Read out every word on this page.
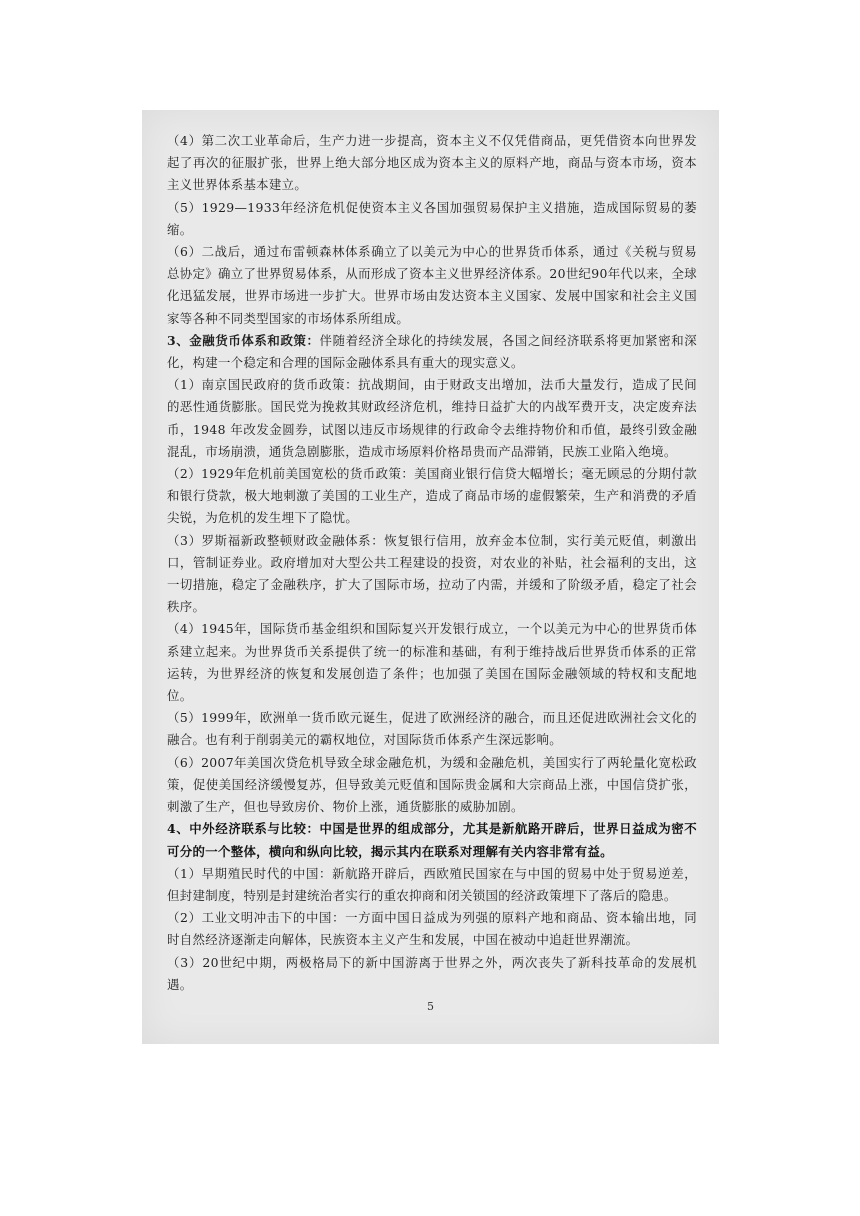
（4）第二次工业革命后，生产力进一步提高，资本主义不仅凭借商品，更凭借资本向世界发起了再次的征服扩张，世界上绝大部分地区成为资本主义的原料产地，商品与资本市场，资本主义世界体系基本建立。

（5）1929—1933年经济危机促使资本主义各国加强贸易保护主义措施，造成国际贸易的萎缩。

（6）二战后，通过布雷顿森林体系确立了以美元为中心的世界货币体系，通过《关税与贸易总协定》确立了世界贸易体系，从而形成了资本主义世界经济体系。20世纪90年代以来，全球化迅猛发展，世界市场进一步扩大。世界市场由发达资本主义国家、发展中国家和社会主义国家等各种不同类型国家的市场体系所组成。

3、金融货币体系和政策：伴随着经济全球化的持续发展，各国之间经济联系将更加紧密和深化，构建一个稳定和合理的国际金融体系具有重大的现实意义。

（1）南京国民政府的货币政策：抗战期间，由于财政支出增加，法币大量发行，造成了民间的恶性通货膨胀。国民党为挽救其财政经济危机，维持日益扩大的内战军费开支，决定废弃法币，1948 年改发金圆券，试图以违反市场规律的行政命令去维持物价和币值，最终引致金融混乱，市场崩溃，通货急剧膨胀，造成市场原料价格昂贵而产品滞销，民族工业陷入绝境。

（2）1929年危机前美国宽松的货币政策：美国商业银行信贷大幅增长；毫无顾忌的分期付款和银行贷款，极大地刺激了美国的工业生产，造成了商品市场的虚假繁荣，生产和消费的矛盾尖锐，为危机的发生埋下了隐忧。

（3）罗斯福新政整顿财政金融体系：恢复银行信用，放弃金本位制，实行美元贬值，刺激出口，管制证券业。政府增加对大型公共工程建设的投资，对农业的补贴，社会福利的支出，这一切措施，稳定了金融秩序，扩大了国际市场，拉动了内需，并缓和了阶级矛盾，稳定了社会秩序。

（4）1945年，国际货币基金组织和国际复兴开发银行成立，一个以美元为中心的世界货币体系建立起来。为世界货币关系提供了统一的标准和基础，有利于维持战后世界货币体系的正常运转，为世界经济的恢复和发展创造了条件；也加强了美国在国际金融领域的特权和支配地位。

（5）1999年，欧洲单一货币欧元诞生，促进了欧洲经济的融合，而且还促进欧洲社会文化的融合。也有利于削弱美元的霸权地位，对国际货币体系产生深远影响。

（6）2007年美国次贷危机导致全球金融危机，为缓和金融危机，美国实行了两轮量化宽松政策，促使美国经济缓慢复苏，但导致美元贬值和国际贵金属和大宗商品上涨，中国信贷扩张，刺激了生产，但也导致房价、物价上涨，通货膨胀的威胁加剧。

4、中外经济联系与比较：中国是世界的组成部分，尤其是新航路开辟后，世界日益成为密不可分的一个整体，横向和纵向比较，揭示其内在联系对理解有关内容非常有益。

（1）早期殖民时代的中国：新航路开辟后，西欧殖民国家在与中国的贸易中处于贸易逆差，但封建制度，特别是封建统治者实行的重农抑商和闭关锁国的经济政策埋下了落后的隐患。

（2）工业文明冲击下的中国：一方面中国日益成为列强的原料产地和商品、资本输出地，同时自然经济逐渐走向解体，民族资本主义产生和发展，中国在被动中追赶世界潮流。

（3）20世纪中期，两极格局下的新中国游离于世界之外，两次丧失了新科技革命的发展机遇。

5
